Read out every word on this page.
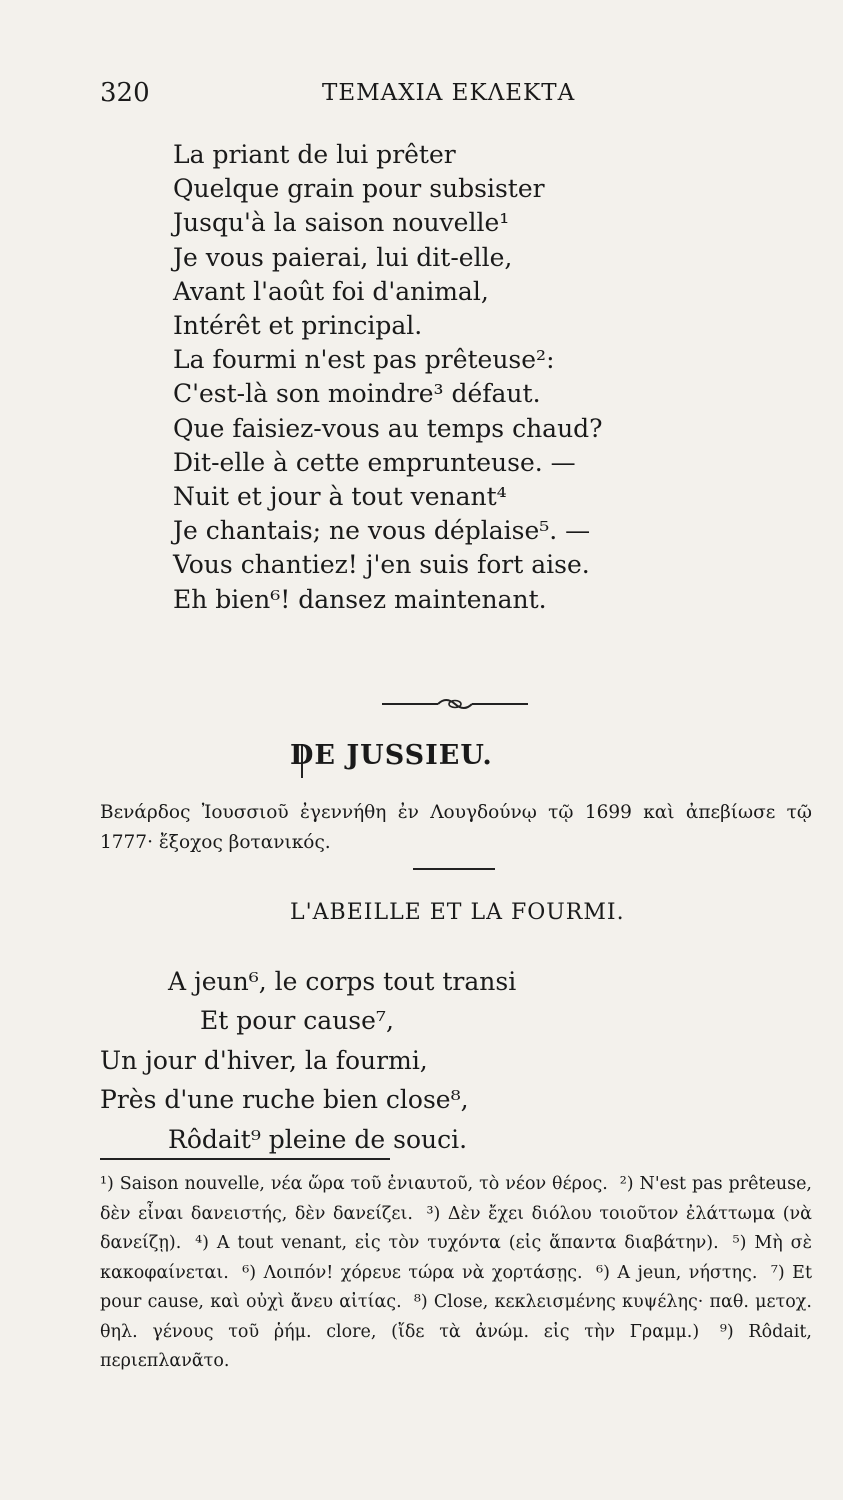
320	ΤΕΜΑΧΙΑ ΕΚΛΕΚΤΑ
La priant de lui prêter
Quelque grain pour subsister
Jusqu'à la saison nouvelle¹
Je vous paierai, lui dit-elle,
Avant l'août foi d'animal,
Intérêt et principal.
La fourmi n'est pas prêteuse²:
C'est-là son moindre³ défaut.
Que faisiez-vous au temps chaud?
Dit-elle à cette emprunteuse. —
Nuit et jour à tout venant⁴
Je chantais; ne vous déplaise⁵. —
Vous chantiez! j'en suis fort aise.
Eh bien⁶! dansez maintenant.
DE JUSSIEU.
Βενάρδος Ἰουσσιοῦ ἐγεννήθη ἐν Λουγδούνῳ τῷ 1699 καὶ ἀπεβίωσε τῷ 1777· ἔξοχος βοτανικός.
L'ABEILLE ET LA FOURMI.
A jeun⁶, le corps tout transi
Et pour cause⁷,
Un jour d'hiver, la fourmi,
Près d'une ruche bien close⁸,
Rôdait⁹ pleine de souci.
¹) Saison nouvelle, νέα ὥρα τοῦ ἐνιαυτοῦ, τὸ νέον θέρος. ²) N'est pas prêteuse, δὲν εἶναι δανειστής, δὲν δανείζει. ³) Δὲν ἔχει διόλου τοιοῦτον ἐλάττωμα (νὰ δανείζῃ). ⁴) A tout venant, εἰς τὸν τυχόντα (εἰς ἅπαντα διαβάτην). ⁵) Μὴ σὲ κακοφαίνεται. ⁶) Λοιπόν! χόρευε τώρα νὰ χορτάσῃς. ⁶) A jeun, νήστης. ⁷) Et pour cause, καὶ οὐχὶ ἄνευ αἰτίας. ⁸) Close, κεκλεισμένης κυψέλης· παθ. μετοχ. θηλ. γένους τοῦ ῥήμ. clore, (ἴδε τὰ ἀνώμ. εἰς τὴν Γραμμ.) ⁹) Rôdait, περιεπλανᾶτο.
